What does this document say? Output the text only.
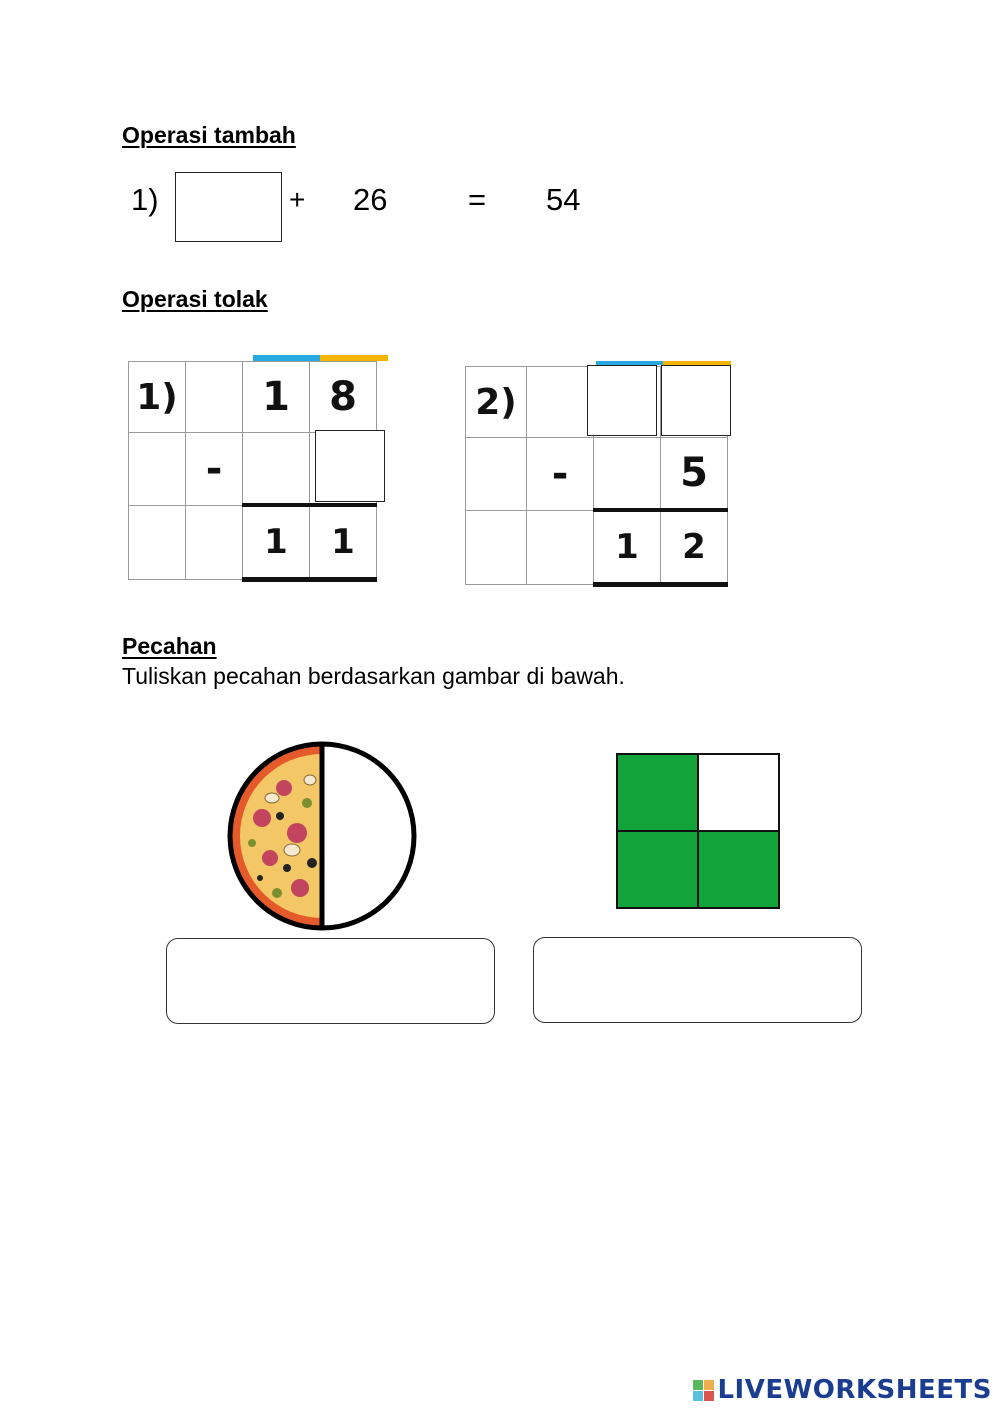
Operasi tambah
1)	+ 26	= 54
Operasi tolak
1)		1	8
	-		
		1	1
2)			
	-		5
		1	2
Pecahan
Tuliskan pecahan berdasarkan gambar di bawah.
LIVEWORKSHEETS
